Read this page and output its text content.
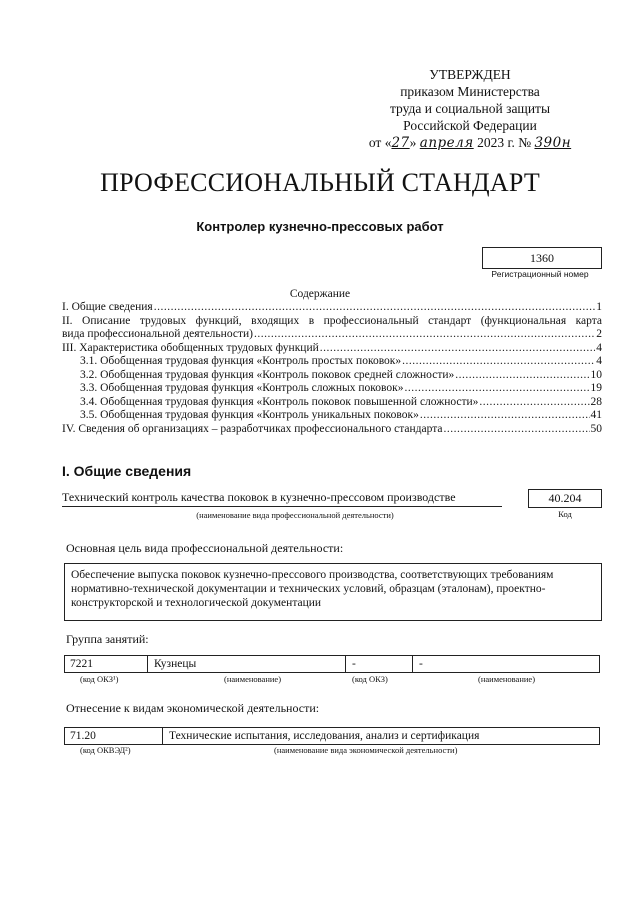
УТВЕРЖДЕН
приказом Министерства
труда и социальной защиты
Российской Федерации
от «27» апреля 2023 г. № 390н
ПРОФЕССИОНАЛЬНЫЙ СТАНДАРТ
Контролер кузнечно-прессовых работ
1360
Регистрационный номер
Содержание
I. Общие сведения .....	1
II. Описание трудовых функций, входящих в профессиональный стандарт (функциональная карта
вида профессиональной деятельности) .....	2
III. Характеристика обобщенных трудовых функций .....	4
3.1. Обобщенная трудовая функция «Контроль простых поковок» .....	4
3.2. Обобщенная трудовая функция «Контроль поковок средней сложности» .....	10
3.3. Обобщенная трудовая функция «Контроль сложных поковок» .....	19
3.4. Обобщенная трудовая функция «Контроль поковок повышенной сложности» .....	28
3.5. Обобщенная трудовая функция «Контроль уникальных поковок» .....	41
IV. Сведения об организациях – разработчиках профессионального стандарта .....	50
I. Общие сведения
Технический контроль качества поковок в кузнечно-прессовом производстве
(наименование вида профессиональной деятельности)
40.204
Код
Основная цель вида профессиональной деятельности:
Обеспечение выпуска поковок кузнечно-прессового производства, соответствующих требованиям нормативно-технической документации и технических условий, образцам (эталонам), проектно-конструкторской и технологической документации
Группа занятий:
7221	Кузнецы	-	-
(код ОКЗ¹)	(наименование)	(код ОКЗ)	(наименование)
Отнесение к видам экономической деятельности:
71.20	Технические испытания, исследования, анализ и сертификация
(код ОКВЭД²)	(наименование вида экономической деятельности)
